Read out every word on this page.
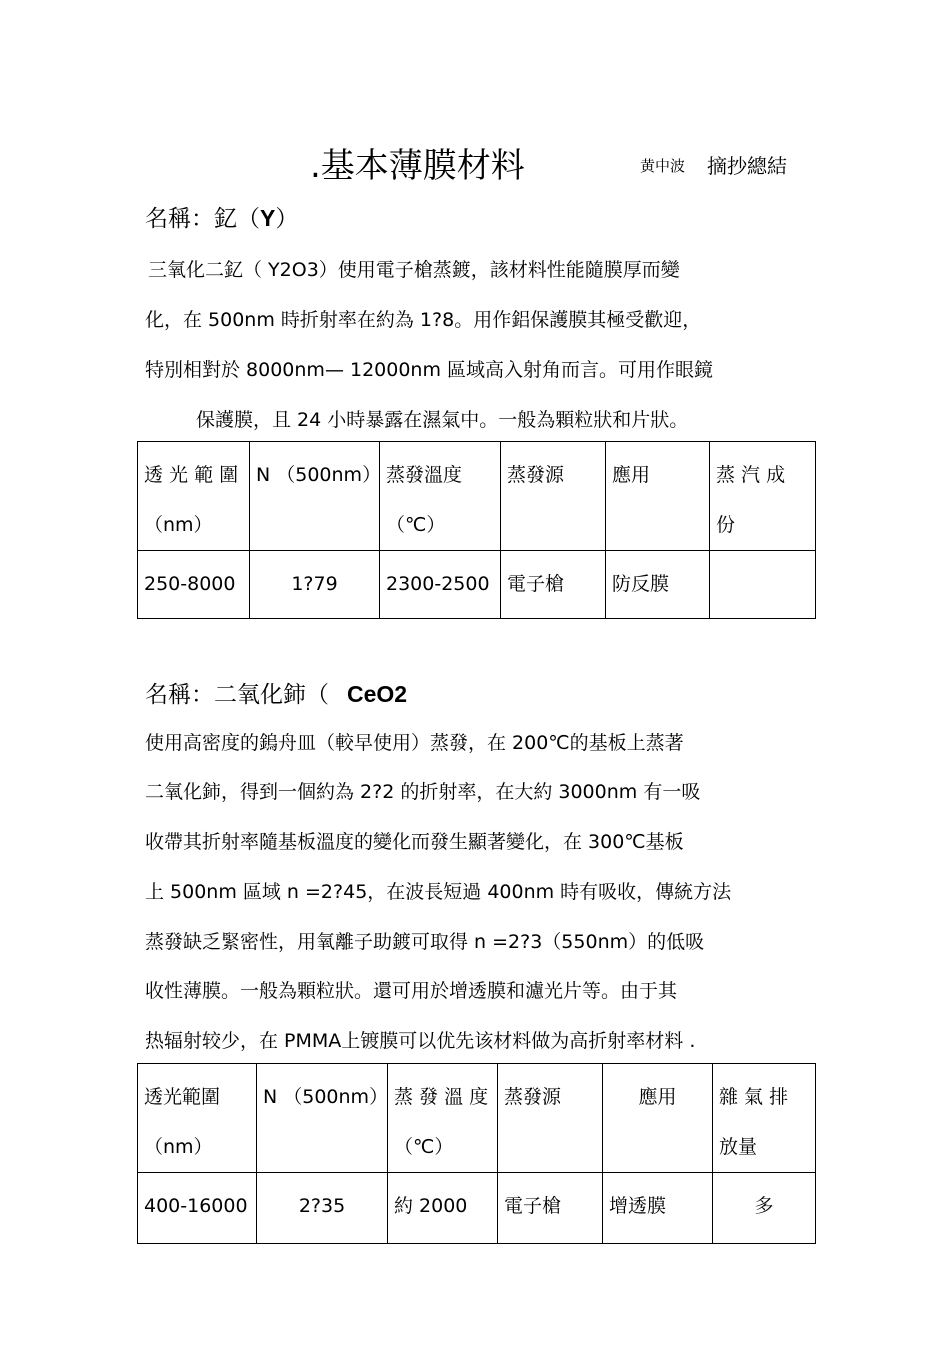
.基本薄膜材料	黄中波 摘抄總結
名稱：釔（Y）
三氧化二釔（ Y2O3）使用電子槍蒸鍍，該材料性能隨膜厚而變
化，在 500nm 時折射率在約為 1?8。用作鋁保護膜其極受歡迎，
特別相對於 8000nm— 12000nm 區域高入射角而言。可用作眼鏡
保護膜，且 24 小時暴露在濕氣中。一般為顆粒狀和片狀。
透 光 範 圍（nm）	N （500nm）	蒸發溫度（℃）	蒸發源	應用	蒸 汽 成 份
250-8000	1?79	2300-2500	電子槍	防反膜	
名稱：二氧化鈰（ CeO2
使用高密度的鎢舟皿（較早使用）蒸發，在 200℃的基板上蒸著
二氧化鈰，得到一個約為 2?2 的折射率，在大約 3000nm 有一吸
收帶其折射率隨基板溫度的變化而發生顯著變化，在 300℃基板
上 500nm 區域 n =2?45，在波長短過 400nm 時有吸收，傳統方法
蒸發缺乏緊密性，用氧離子助鍍可取得 n =2?3（550nm）的低吸
收性薄膜。一般為顆粒狀。還可用於增透膜和濾光片等。由于其
热辐射较少，在 PMMA上镀膜可以优先该材料做为高折射率材料 .
透光範圍（nm）	N （500nm）	蒸 發 溫 度（℃）	蒸發源	應用	雜 氣 排 放量
400-16000	2?35	約 2000	電子槍	增透膜	多
